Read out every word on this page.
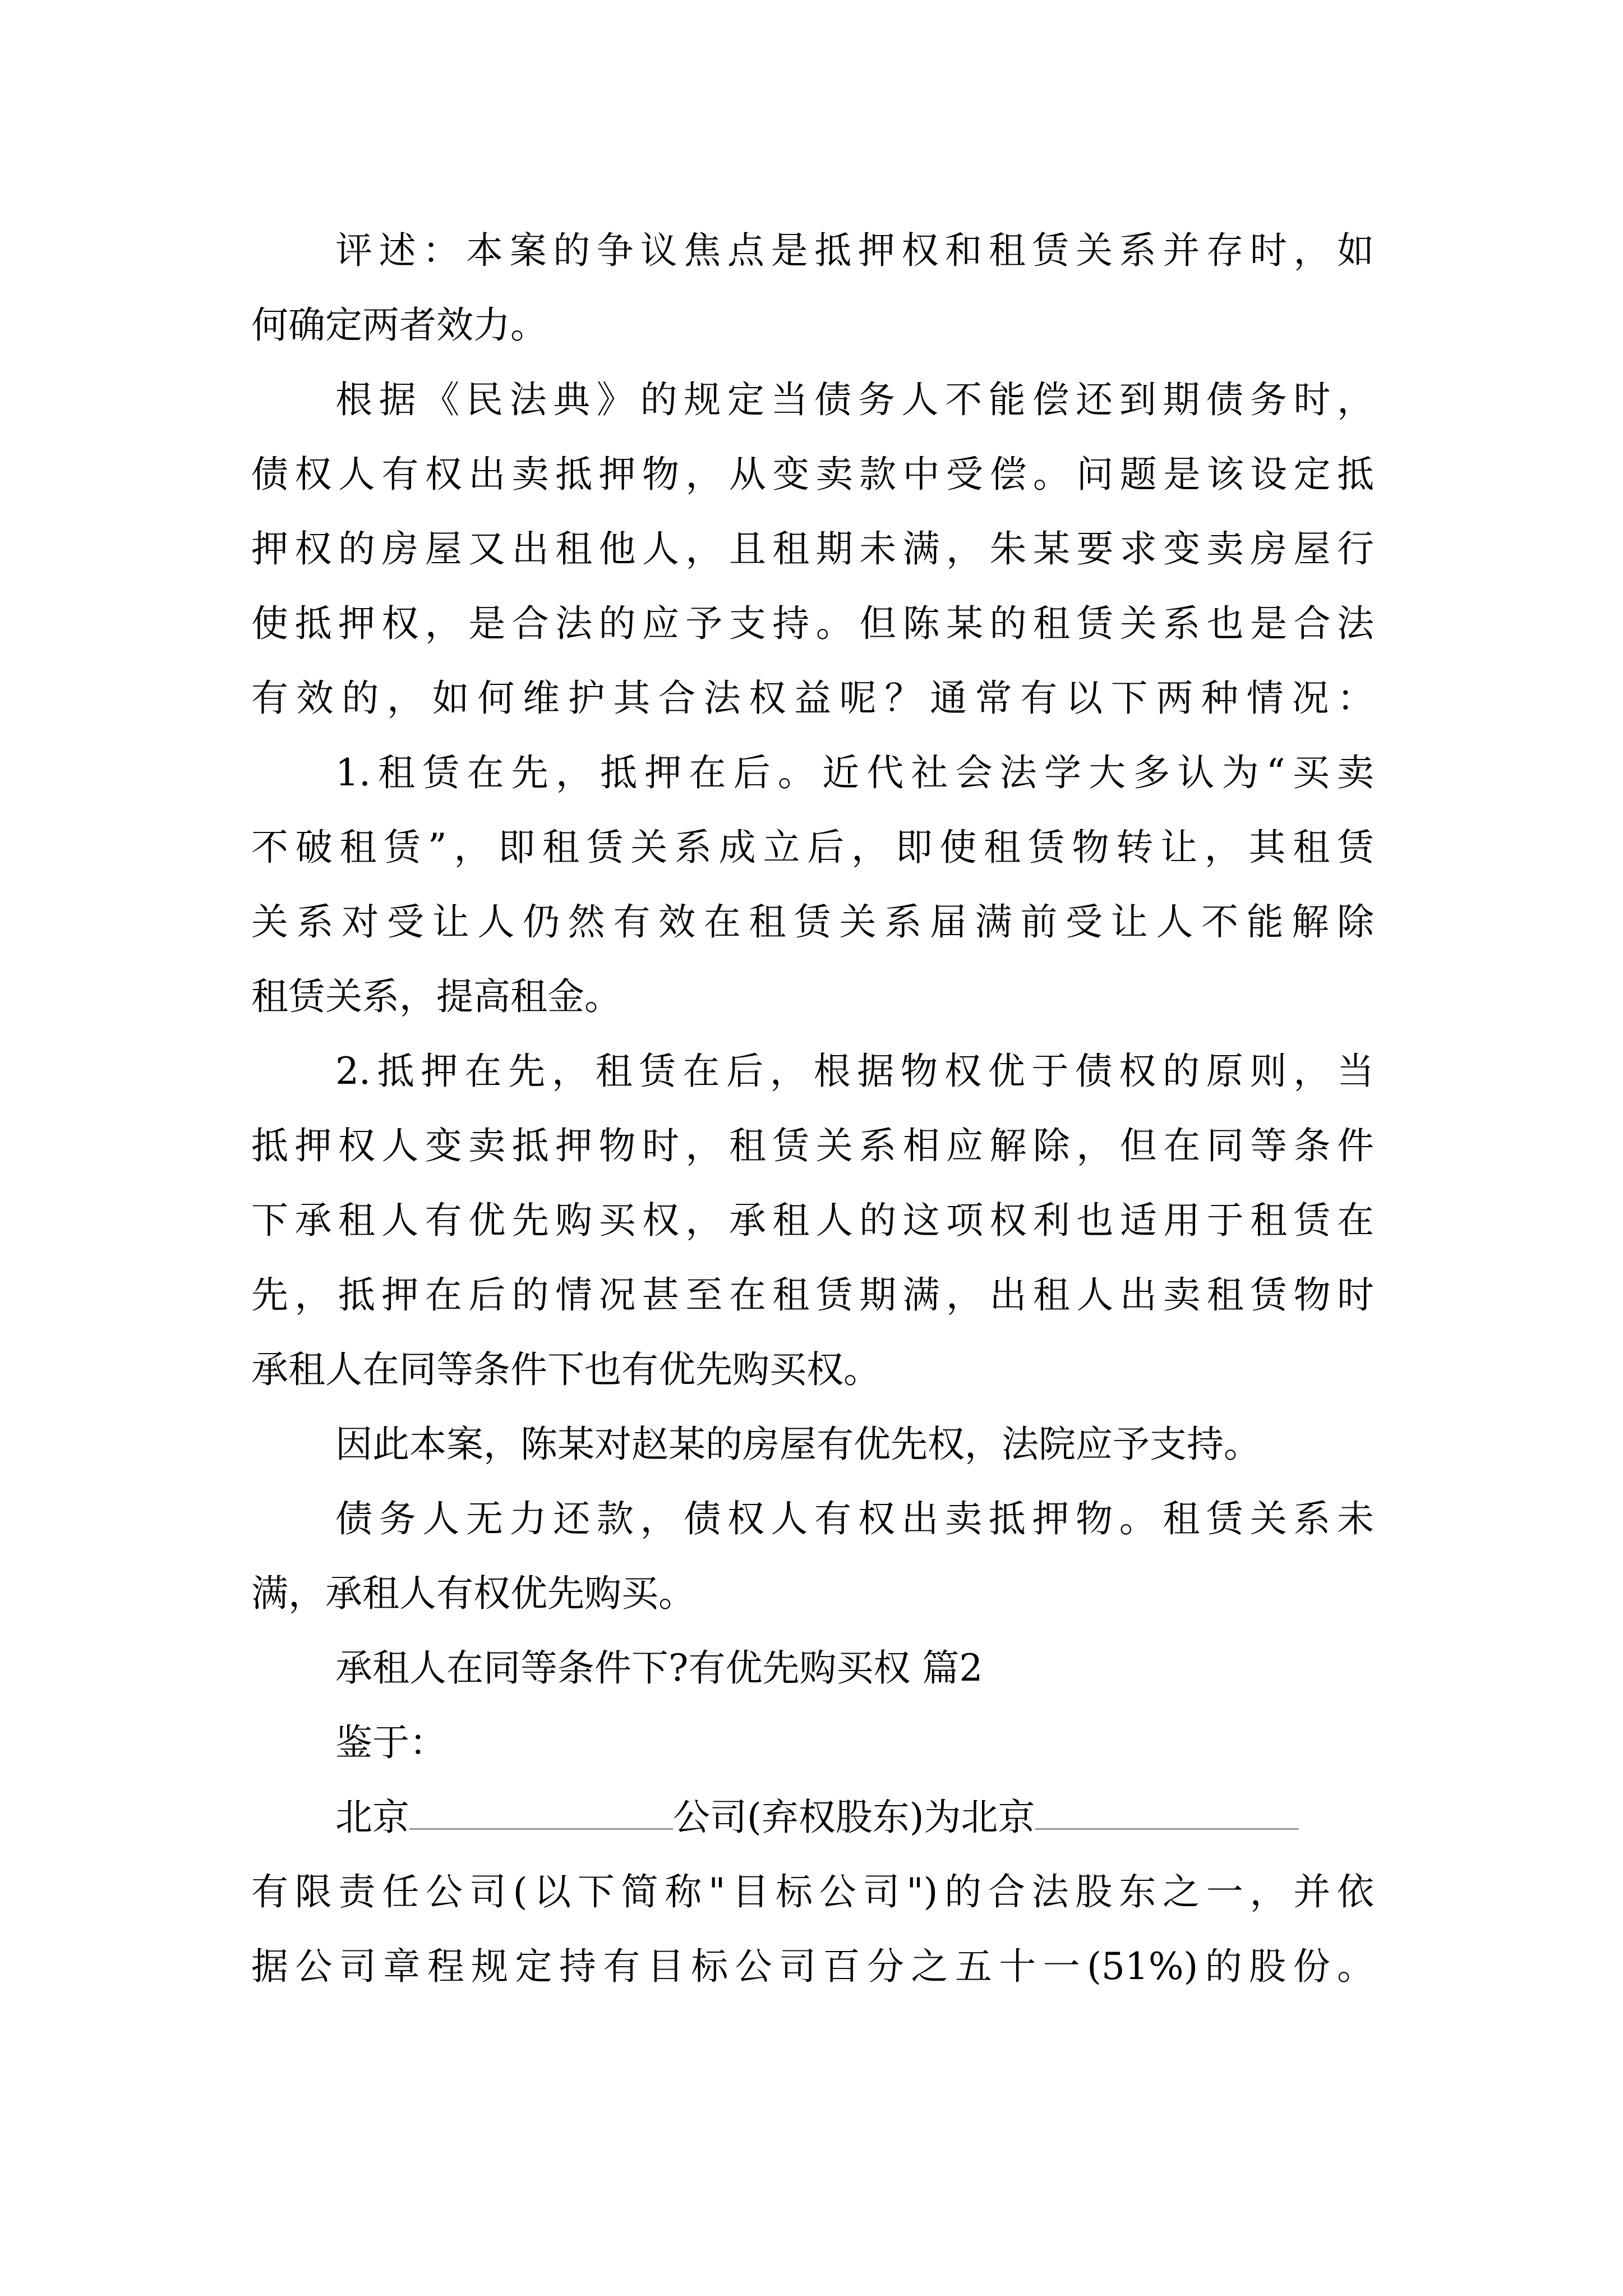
评述：本案的争议焦点是抵押权和租赁关系并存时，如
何确定两者效力。
根据《民法典》的规定当债务人不能偿还到期债务时，
债权人有权出卖抵押物，从变卖款中受偿。问题是该设定抵
押权的房屋又出租他人，且租期未满，朱某要求变卖房屋行
使抵押权，是合法的应予支持。但陈某的租赁关系也是合法
有效的，如何维护其合法权益呢？通常有以下两种情况：
1.租赁在先，抵押在后。近代社会法学大多认为“买卖
不破租赁”，即租赁关系成立后，即使租赁物转让，其租赁
关系对受让人仍然有效在租赁关系届满前受让人不能解除
租赁关系，提高租金。
2.抵押在先，租赁在后，根据物权优于债权的原则，当
抵押权人变卖抵押物时，租赁关系相应解除，但在同等条件
下承租人有优先购买权，承租人的这项权利也适用于租赁在
先，抵押在后的情况甚至在租赁期满，出租人出卖租赁物时
承租人在同等条件下也有优先购买权。
因此本案，陈某对赵某的房屋有优先权，法院应予支持。
债务人无力还款，债权人有权出卖抵押物。租赁关系未
满，承租人有权优先购买。
承租人在同等条件下?有优先购买权 篇2
鉴于：
北京	公司(弃权股东)为北京
有限责任公司(以下简称"目标公司")的合法股东之一，并依
据公司章程规定持有目标公司百分之五十一(51%)的股份。
